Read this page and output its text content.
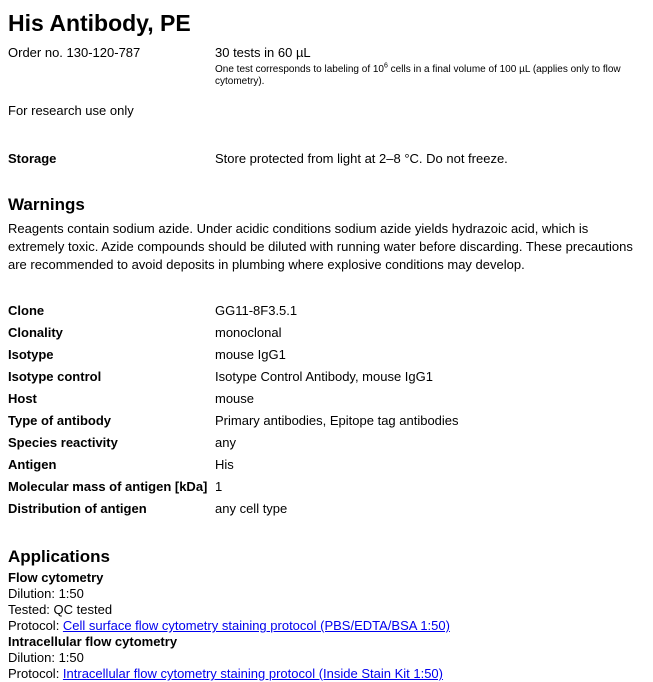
His Antibody, PE
Order no. 130-120-787	30 tests in 60 µL
One test corresponds to labeling of $10^6$ cells in a final volume of 100 µL (applies only to flow cytometry).
For research use only
Storage	Store protected from light at 2–8 °C. Do not freeze.
Warnings

Reagents contain sodium azide. Under acidic conditions sodium azide yields hydrazoic acid, which is extremely toxic. Azide compounds should be diluted with running water before discarding. These precautions are recommended to avoid deposits in plumbing where explosive conditions may develop.

Clone	GG11-8F3.5.1
Clonality	monoclonal
Isotype	mouse IgG1
Isotype control	Isotype Control Antibody, mouse IgG1
Host	mouse
Type of antibody	Primary antibodies, Epitope tag antibodies
Species reactivity	any
Antigen	His
Molecular mass of antigen [kDa] 1
Distribution of antigen	any cell type
Applications
Flow cytometry
Dilution: 1:50
Tested: QC tested
Protocol: Cell surface flow cytometry staining protocol (PBS/EDTA/BSA 1:50)
Intracellular flow cytometry
Dilution: 1:50
Protocol: Intracellular flow cytometry staining protocol (Inside Stain Kit 1:50)
